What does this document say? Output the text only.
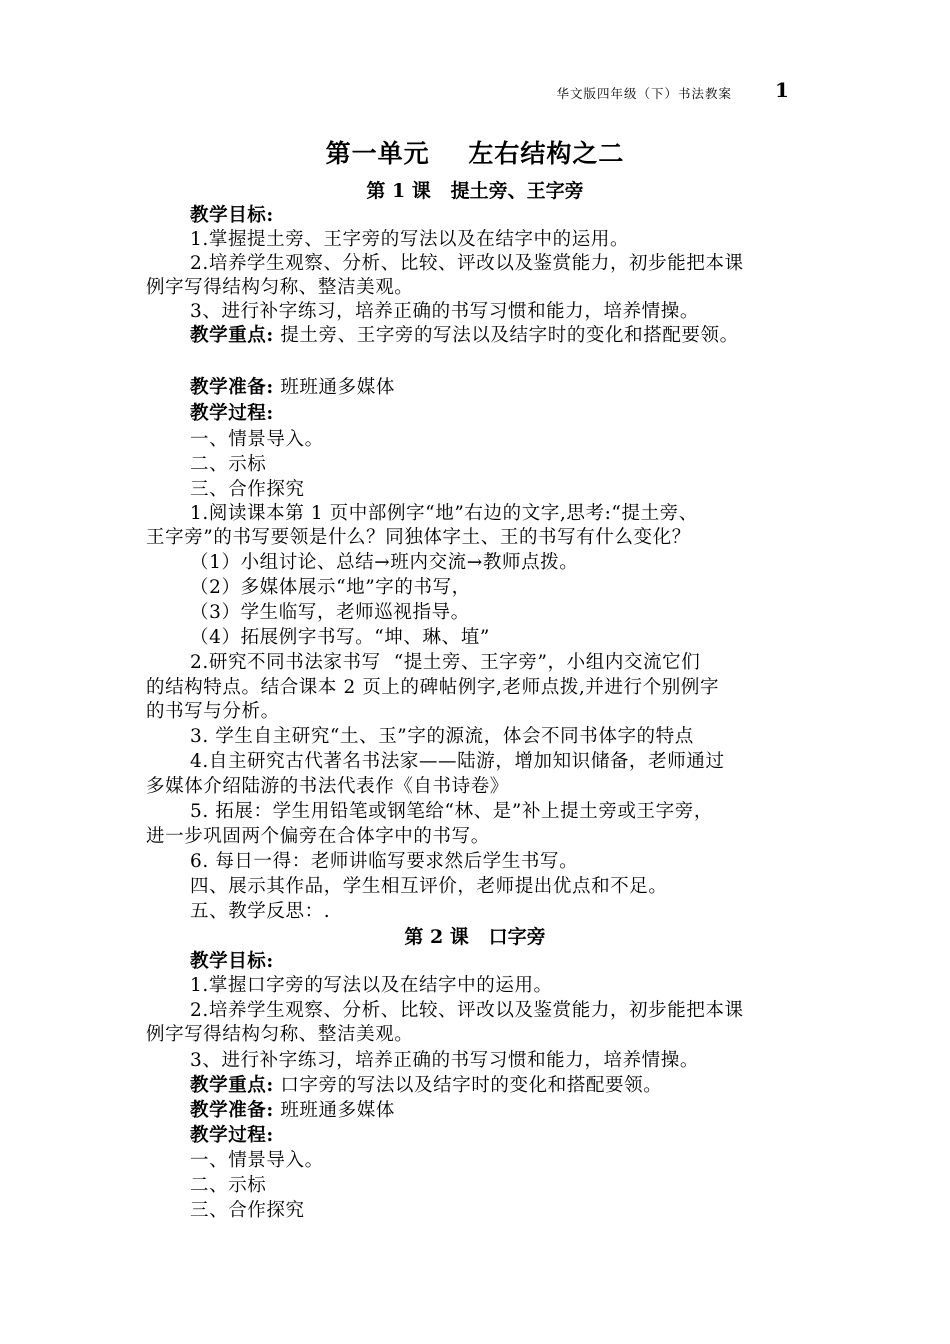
华文版四年级（下）书法教案 1
第一单元    左右结构之二
第 1 课   提土旁、王字旁
教学目标:
1.掌握提土旁、王字旁的写法以及在结字中的运用。
2.培养学生观察、分析、比较、评改以及鉴赏能力，初步能把本课
例字写得结构匀称、整洁美观。
3、进行补字练习，培养正确的书写习惯和能力，培养情操。
教学重点: 提土旁、王字旁的写法以及结字时的变化和搭配要领。
教学准备: 班班通多媒体
教学过程:
一、情景导入。
二、示标
三、合作探究
1.阅读课本第 1 页中部例字“地”右边的文字,思考:“提土旁、
王字旁”的书写要领是什么？同独体字土、王的书写有什么变化？
（1）小组讨论、总结→班内交流→教师点拨。
（2）多媒体展示“地”字的书写，
（3）学生临写，老师巡视指导。
（4）拓展例字书写。“坤、琳、埴”
2.研究不同书法家书写  “提土旁、王字旁”，小组内交流它们
的结构特点。结合课本 2 页上的碑帖例字,老师点拨,并进行个别例字
的书写与分析。
3. 学生自主研究“土、玉”字的源流，体会不同书体字的特点
4.自主研究古代著名书法家——陆游，增加知识储备，老师通过
多媒体介绍陆游的书法代表作《自书诗卷》
5. 拓展：学生用铅笔或钢笔给“林、是”补上提土旁或王字旁，
进一步巩固两个偏旁在合体字中的书写。
6. 每日一得：老师讲临写要求然后学生书写。
四、展示其作品，学生相互评价，老师提出优点和不足。
五、教学反思：.
第 2 课   口字旁
教学目标:
1.掌握口字旁的写法以及在结字中的运用。
2.培养学生观察、分析、比较、评改以及鉴赏能力，初步能把本课
例字写得结构匀称、整洁美观。
3、进行补字练习，培养正确的书写习惯和能力，培养情操。
教学重点: 口字旁的写法以及结字时的变化和搭配要领。
教学准备: 班班通多媒体
教学过程:
一、情景导入。
二、示标
三、合作探究
